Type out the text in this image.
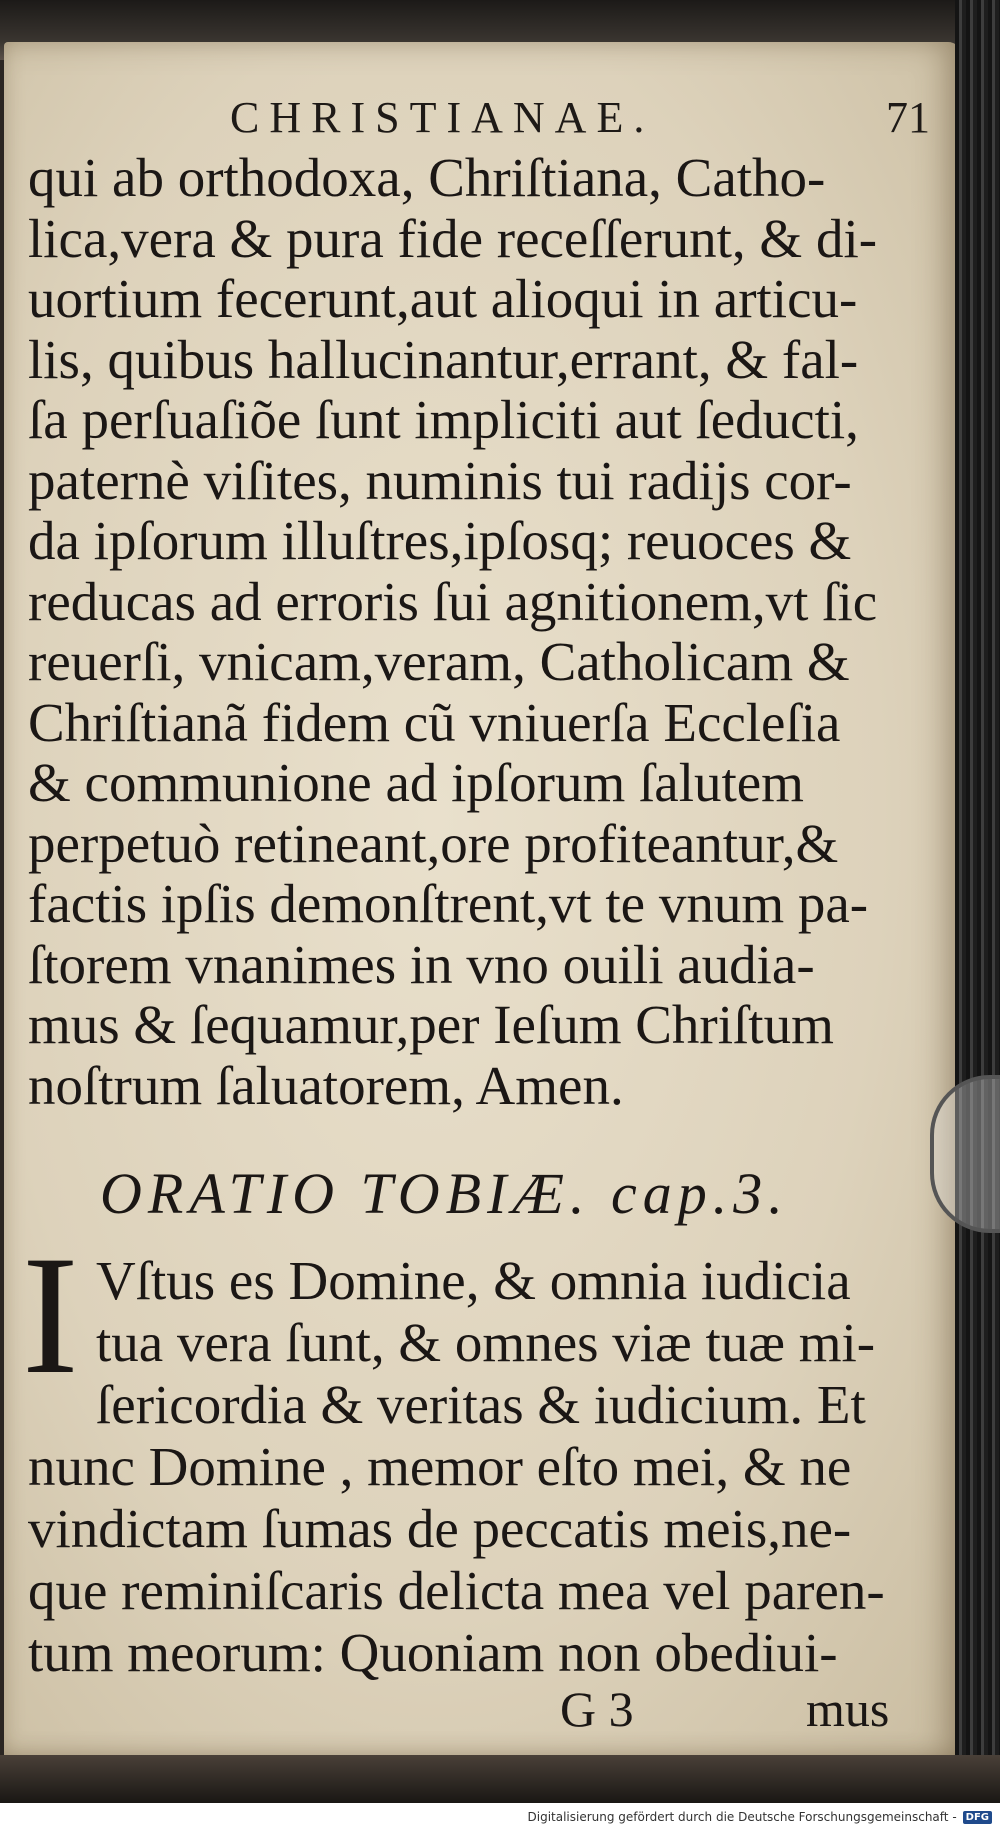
CHRISTIANAE.	71
qui ab orthodoxa, Chriſtiana, Catho-
lica,vera & pura fide receſſerunt, & di-
uortium fecerunt,aut alioqui in articu-
lis, quibus hallucinantur,errant, & fal-
ſa perſuaſiõe ſunt impliciti aut ſeducti,
paternè viſites, numinis tui radijs cor-
da ipſorum illuſtres,ipſosq; reuoces &
reducas ad erroris ſui agnitionem,vt ſic
reuerſi, vnicam,veram, Catholicam &
Chriſtianã fidem cũ vniuerſa Eccleſia
& communione ad ipſorum ſalutem
perpetuò retineant,ore profiteantur,&
factis ipſis demonſtrent,vt te vnum pa-
ſtorem vnanimes in vno ouili audia-
mus & ſequamur,per Ieſum Chriſtum
noſtrum ſaluatorem, Amen.
ORATIO TOBIÆ. cap.3.
I Vſtus es Domine, & omnia iudicia
tua vera ſunt, & omnes viæ tuæ mi-
ſericordia & veritas & iudicium. Et
nunc Domine , memor eſto mei, & ne
vindictam ſumas de peccatis meis,ne-
que reminiſcaris delicta mea vel paren-
tum meorum: Quoniam non obediui-
G 3	mus
Digitalisierung gefördert durch die Deutsche Forschungsgemeinschaft - DFG
